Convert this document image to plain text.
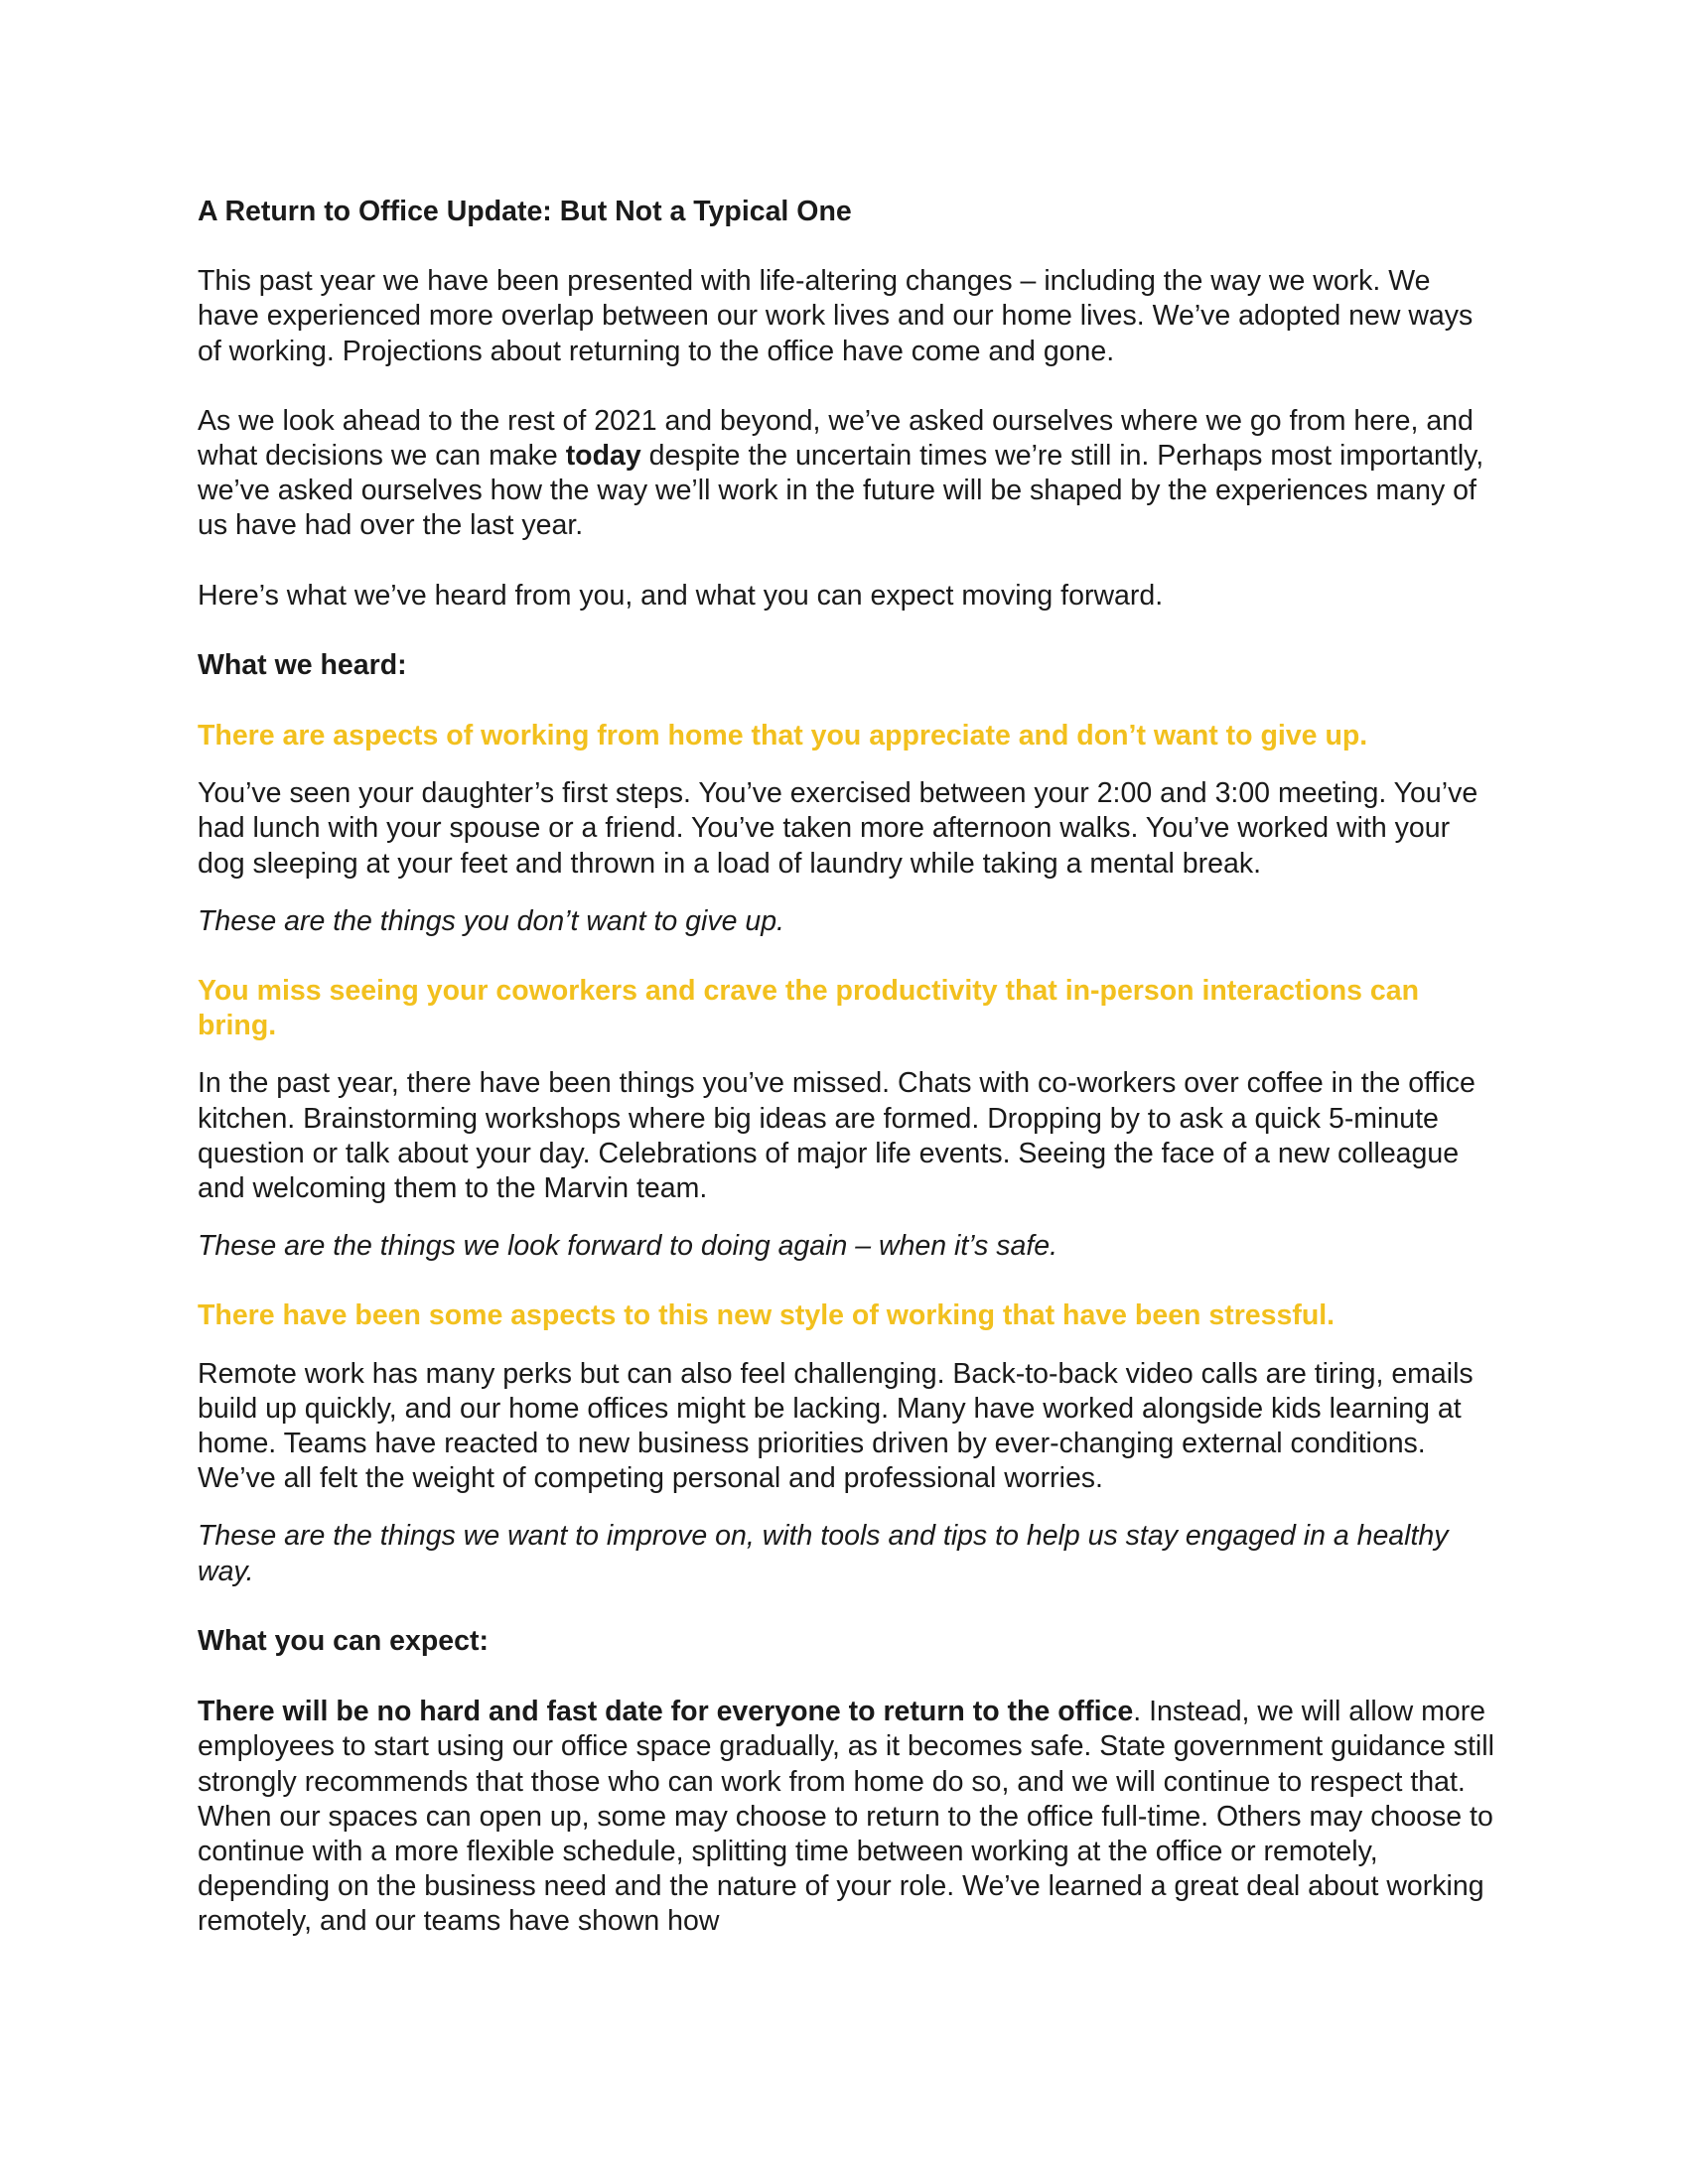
A Return to Office Update: But Not a Typical One

This past year we have been presented with life-altering changes – including the way we work. We have experienced more overlap between our work lives and our home lives. We’ve adopted new ways of working. Projections about returning to the office have come and gone.

As we look ahead to the rest of 2021 and beyond, we’ve asked ourselves where we go from here, and what decisions we can make today despite the uncertain times we’re still in. Perhaps most importantly, we’ve asked ourselves how the way we’ll work in the future will be shaped by the experiences many of us have had over the last year.

Here’s what we’ve heard from you, and what you can expect moving forward.

What we heard:

There are aspects of working from home that you appreciate and don’t want to give up.

You’ve seen your daughter’s first steps. You’ve exercised between your 2:00 and 3:00 meeting. You’ve had lunch with your spouse or a friend. You’ve taken more afternoon walks. You’ve worked with your dog sleeping at your feet and thrown in a load of laundry while taking a mental break.

These are the things you don’t want to give up.

You miss seeing your coworkers and crave the productivity that in-person interactions can bring.

In the past year, there have been things you’ve missed. Chats with co-workers over coffee in the office kitchen. Brainstorming workshops where big ideas are formed. Dropping by to ask a quick 5-minute question or talk about your day. Celebrations of major life events. Seeing the face of a new colleague and welcoming them to the Marvin team.

These are the things we look forward to doing again – when it’s safe.

There have been some aspects to this new style of working that have been stressful.

Remote work has many perks but can also feel challenging. Back-to-back video calls are tiring, emails build up quickly, and our home offices might be lacking. Many have worked alongside kids learning at home. Teams have reacted to new business priorities driven by ever-changing external conditions. We’ve all felt the weight of competing personal and professional worries.

These are the things we want to improve on, with tools and tips to help us stay engaged in a healthy way.

What you can expect:

There will be no hard and fast date for everyone to return to the office. Instead, we will allow more employees to start using our office space gradually, as it becomes safe. State government guidance still strongly recommends that those who can work from home do so, and we will continue to respect that. When our spaces can open up, some may choose to return to the office full-time. Others may choose to continue with a more flexible schedule, splitting time between working at the office or remotely, depending on the business need and the nature of your role. We’ve learned a great deal about working remotely, and our teams have shown how
